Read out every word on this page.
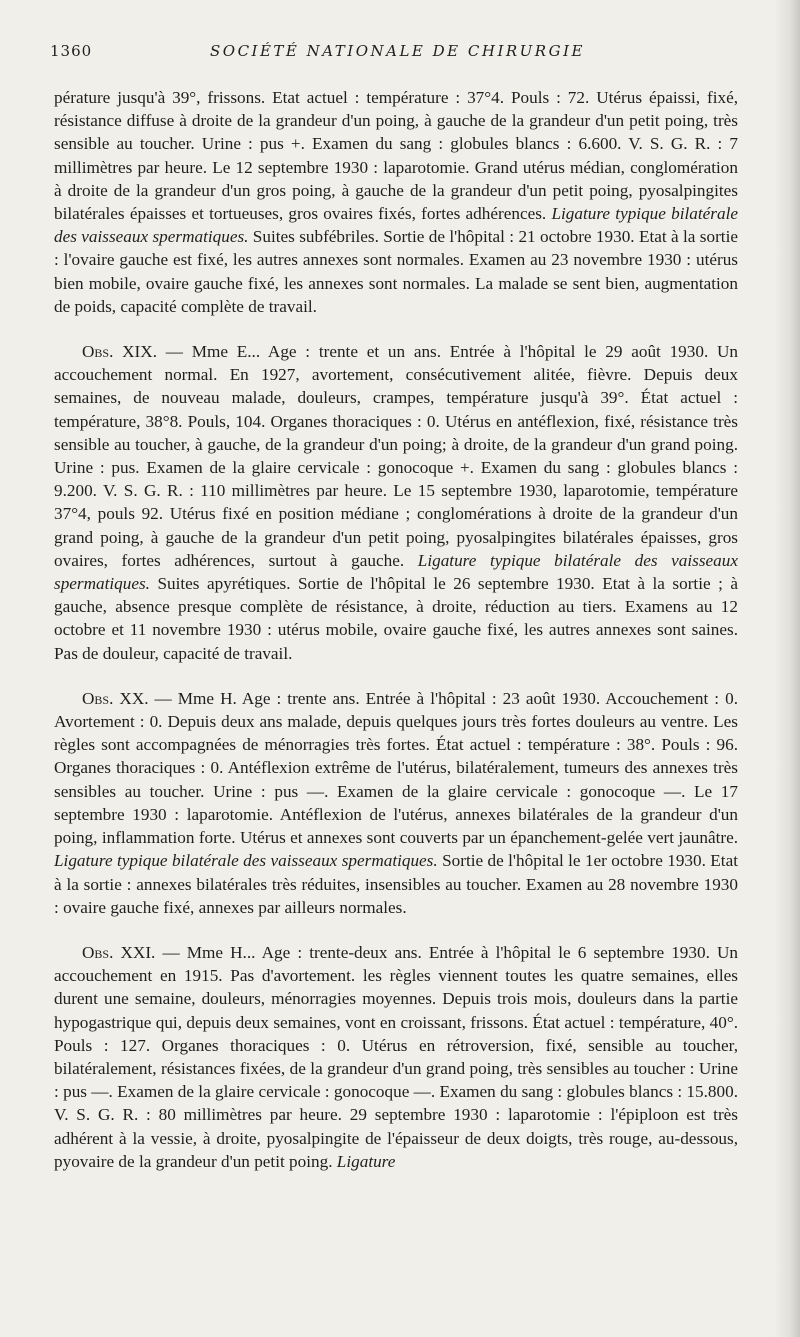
1360	SOCIÉTÉ NATIONALE DE CHIRURGIE

pérature jusqu'à 39°, frissons. Etat actuel : température : 37°4. Pouls : 72. Utérus épaissi, fixé, résistance diffuse à droite de la grandeur d'un poing, à gauche de la grandeur d'un petit poing, très sensible au toucher. Urine : pus +. Examen du sang : globules blancs : 6.600. V. S. G. R. : 7 millimètres par heure. Le 12 septembre 1930 : laparotomie. Grand utérus médian, conglomération à droite de la grandeur d'un gros poing, à gauche de la grandeur d'un petit poing, pyosalpingites bilatérales épaisses et tortueuses, gros ovaires fixés, fortes adhérences. Ligature typique bilatérale des vaisseaux spermatiques. Suites subfébriles. Sortie de l'hôpital : 21 octobre 1930. Etat à la sortie : l'ovaire gauche est fixé, les autres annexes sont normales. Examen au 23 novembre 1930 : utérus bien mobile, ovaire gauche fixé, les annexes sont normales. La malade se sent bien, augmentation de poids, capacité complète de travail.

Obs. XIX. — Mme E... Age : trente et un ans. Entrée à l'hôpital le 29 août 1930. Un accouchement normal. En 1927, avortement, consécutivement alitée, fièvre. Depuis deux semaines, de nouveau malade, douleurs, crampes, température jusqu'à 39°. État actuel : température, 38°8. Pouls, 104. Organes thoraciques : 0. Utérus en antéflexion, fixé, résistance très sensible au toucher, à gauche, de la grandeur d'un poing; à droite, de la grandeur d'un grand poing. Urine : pus. Examen de la glaire cervicale : gonocoque +. Examen du sang : globules blancs : 9.200. V. S. G. R. : 110 millimètres par heure. Le 15 septembre 1930, laparotomie, température 37°4, pouls 92. Utérus fixé en position médiane ; conglomérations à droite de la grandeur d'un grand poing, à gauche de la grandeur d'un petit poing, pyosalpingites bilatérales épaisses, gros ovaires, fortes adhérences, surtout à gauche. Ligature typique bilatérale des vaisseaux spermatiques. Suites apyrétiques. Sortie de l'hôpital le 26 septembre 1930. Etat à la sortie ; à gauche, absence presque complète de résistance, à droite, réduction au tiers. Examens au 12 octobre et 11 novembre 1930 : utérus mobile, ovaire gauche fixé, les autres annexes sont saines. Pas de douleur, capacité de travail.

Obs. XX. — Mme H. Age : trente ans. Entrée à l'hôpital : 23 août 1930. Accouchement : 0. Avortement : 0. Depuis deux ans malade, depuis quelques jours très fortes douleurs au ventre. Les règles sont accompagnées de ménorragies très fortes. État actuel : température : 38°. Pouls : 96. Organes thoraciques : 0. Antéflexion extrême de l'utérus, bilatéralement, tumeurs des annexes très sensibles au toucher. Urine : pus —. Examen de la glaire cervicale : gonocoque —. Le 17 septembre 1930 : laparotomie. Antéflexion de l'utérus, annexes bilatérales de la grandeur d'un poing, inflammation forte. Utérus et annexes sont couverts par un épanchement-gelée vert jaunâtre. Ligature typique bilatérale des vaisseaux spermatiques. Sortie de l'hôpital le 1er octobre 1930. Etat à la sortie : annexes bilatérales très réduites, insensibles au toucher. Examen au 28 novembre 1930 : ovaire gauche fixé, annexes par ailleurs normales.

Obs. XXI. — Mme H... Age : trente-deux ans. Entrée à l'hôpital le 6 septembre 1930. Un accouchement en 1915. Pas d'avortement. les règles viennent toutes les quatre semaines, elles durent une semaine, douleurs, ménorragies moyennes. Depuis trois mois, douleurs dans la partie hypogastrique qui, depuis deux semaines, vont en croissant, frissons. État actuel : température, 40°. Pouls : 127. Organes thoraciques : 0. Utérus en rétroversion, fixé, sensible au toucher, bilatéralement, résistances fixées, de la grandeur d'un grand poing, très sensibles au toucher : Urine : pus —. Examen de la glaire cervicale : gonocoque —. Examen du sang : globules blancs : 15.800. V. S. G. R. : 80 millimètres par heure. 29 septembre 1930 : laparotomie : l'épiploon est très adhérent à la vessie, à droite, pyosalpingite de l'épaisseur de deux doigts, très rouge, au-dessous, pyovaire de la grandeur d'un petit poing. Ligature
